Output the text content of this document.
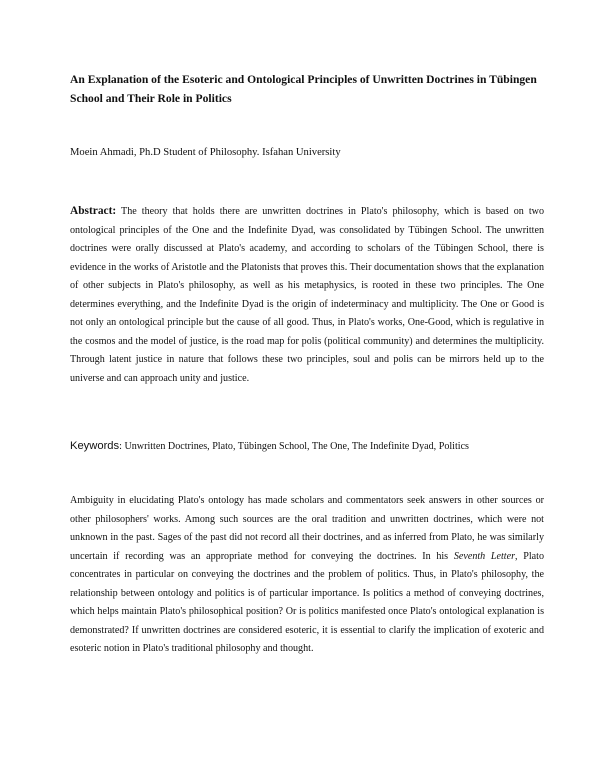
An Explanation of the Esoteric and Ontological Principles of Unwritten Doctrines in Tübingen School and Their Role in Politics

Moein Ahmadi, Ph.D Student of Philosophy. Isfahan University

Abstract: The theory that holds there are unwritten doctrines in Plato's philosophy, which is based on two ontological principles of the One and the Indefinite Dyad, was consolidated by Tübingen School. The unwritten doctrines were orally discussed at Plato's academy, and according to scholars of the Tübingen School, there is evidence in the works of Aristotle and the Platonists that proves this. Their documentation shows that the explanation of other subjects in Plato's philosophy, as well as his metaphysics, is rooted in these two principles. The One determines everything, and the Indefinite Dyad is the origin of indeterminacy and multiplicity. The One or Good is not only an ontological principle but the cause of all good. Thus, in Plato's works, One-Good, which is regulative in the cosmos and the model of justice, is the road map for polis (political community) and determines the multiplicity. Through latent justice in nature that follows these two principles, soul and polis can be mirrors held up to the universe and can approach unity and justice.

Keywords: Unwritten Doctrines, Plato, Tübingen School, The One, The Indefinite Dyad, Politics

Ambiguity in elucidating Plato's ontology has made scholars and commentators seek answers in other sources or other philosophers' works. Among such sources are the oral tradition and unwritten doctrines, which were not unknown in the past. Sages of the past did not record all their doctrines, and as inferred from Plato, he was similarly uncertain if recording was an appropriate method for conveying the doctrines. In his Seventh Letter, Plato concentrates in particular on conveying the doctrines and the problem of politics. Thus, in Plato's philosophy, the relationship between ontology and politics is of particular importance. Is politics a method of conveying doctrines, which helps maintain Plato's philosophical position? Or is politics manifested once Plato's ontological explanation is demonstrated? If unwritten doctrines are considered esoteric, it is essential to clarify the implication of exoteric and esoteric notion in Plato's traditional philosophy and thought.
